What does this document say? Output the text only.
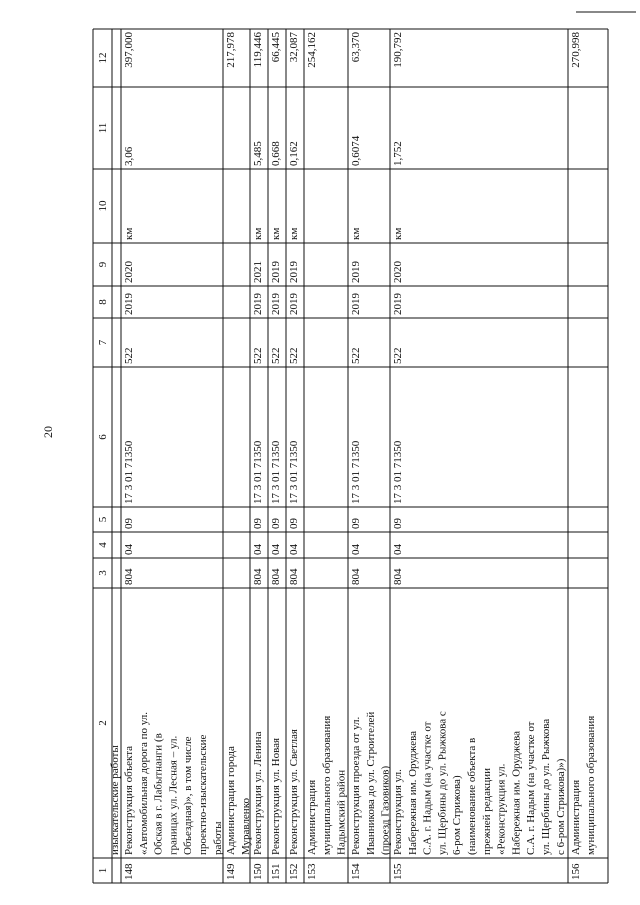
20
1
2
3
4
5
6
7
8
9
10
11
12
изыскательские работы
148
Реконструкция объекта «Автомобильная дорога по ул. Обская в г. Лабытнанги (в границах ул. Лесная – ул. Объездная)», в том числе проектно-изыскательские работы
804
04
09
17 3 01 71350
522
2019
2020
км
3,06
149
Администрация города Муравленко
217,978
150
Реконструкция ул. Ленина
804
04
09
17 3 01 71350
522
2019
2021
км
5,485
119,446
151
Реконструкция ул. Новая
804
04
09
17 3 01 71350
522
2019
2019
км
0,668
66,445
152
Реконструкция ул. Светлая
804
04
09
17 3 01 71350
522
2019
2019
км
0,162
32,087
153
Администрация муниципального образования Надымский район
254,162
154
Реконструкция проезда от ул. Иванникова до ул. Строителей (проезд Газовиков)
804
04
09
17 3 01 71350
522
2019
2019
км
0,6074
63,370
155
Реконструкция ул. Набережная им. Оруджева С.А. г. Надым (на участке от ул. Щербины до ул. Рыжкова с 6-ром Стрижова) (наименование объекта в прежней редакции «Реконструкция ул. Набережная им. Оруджева С.А. г. Надым (на участке от ул. Щербины до ул. Рыжкова с 6-ром Стрижова)»)
804
04
09
17 3 01 71350
522
2019
2020
км
1,752
190,792
156
Администрация муниципального образования
270,998
397,000
